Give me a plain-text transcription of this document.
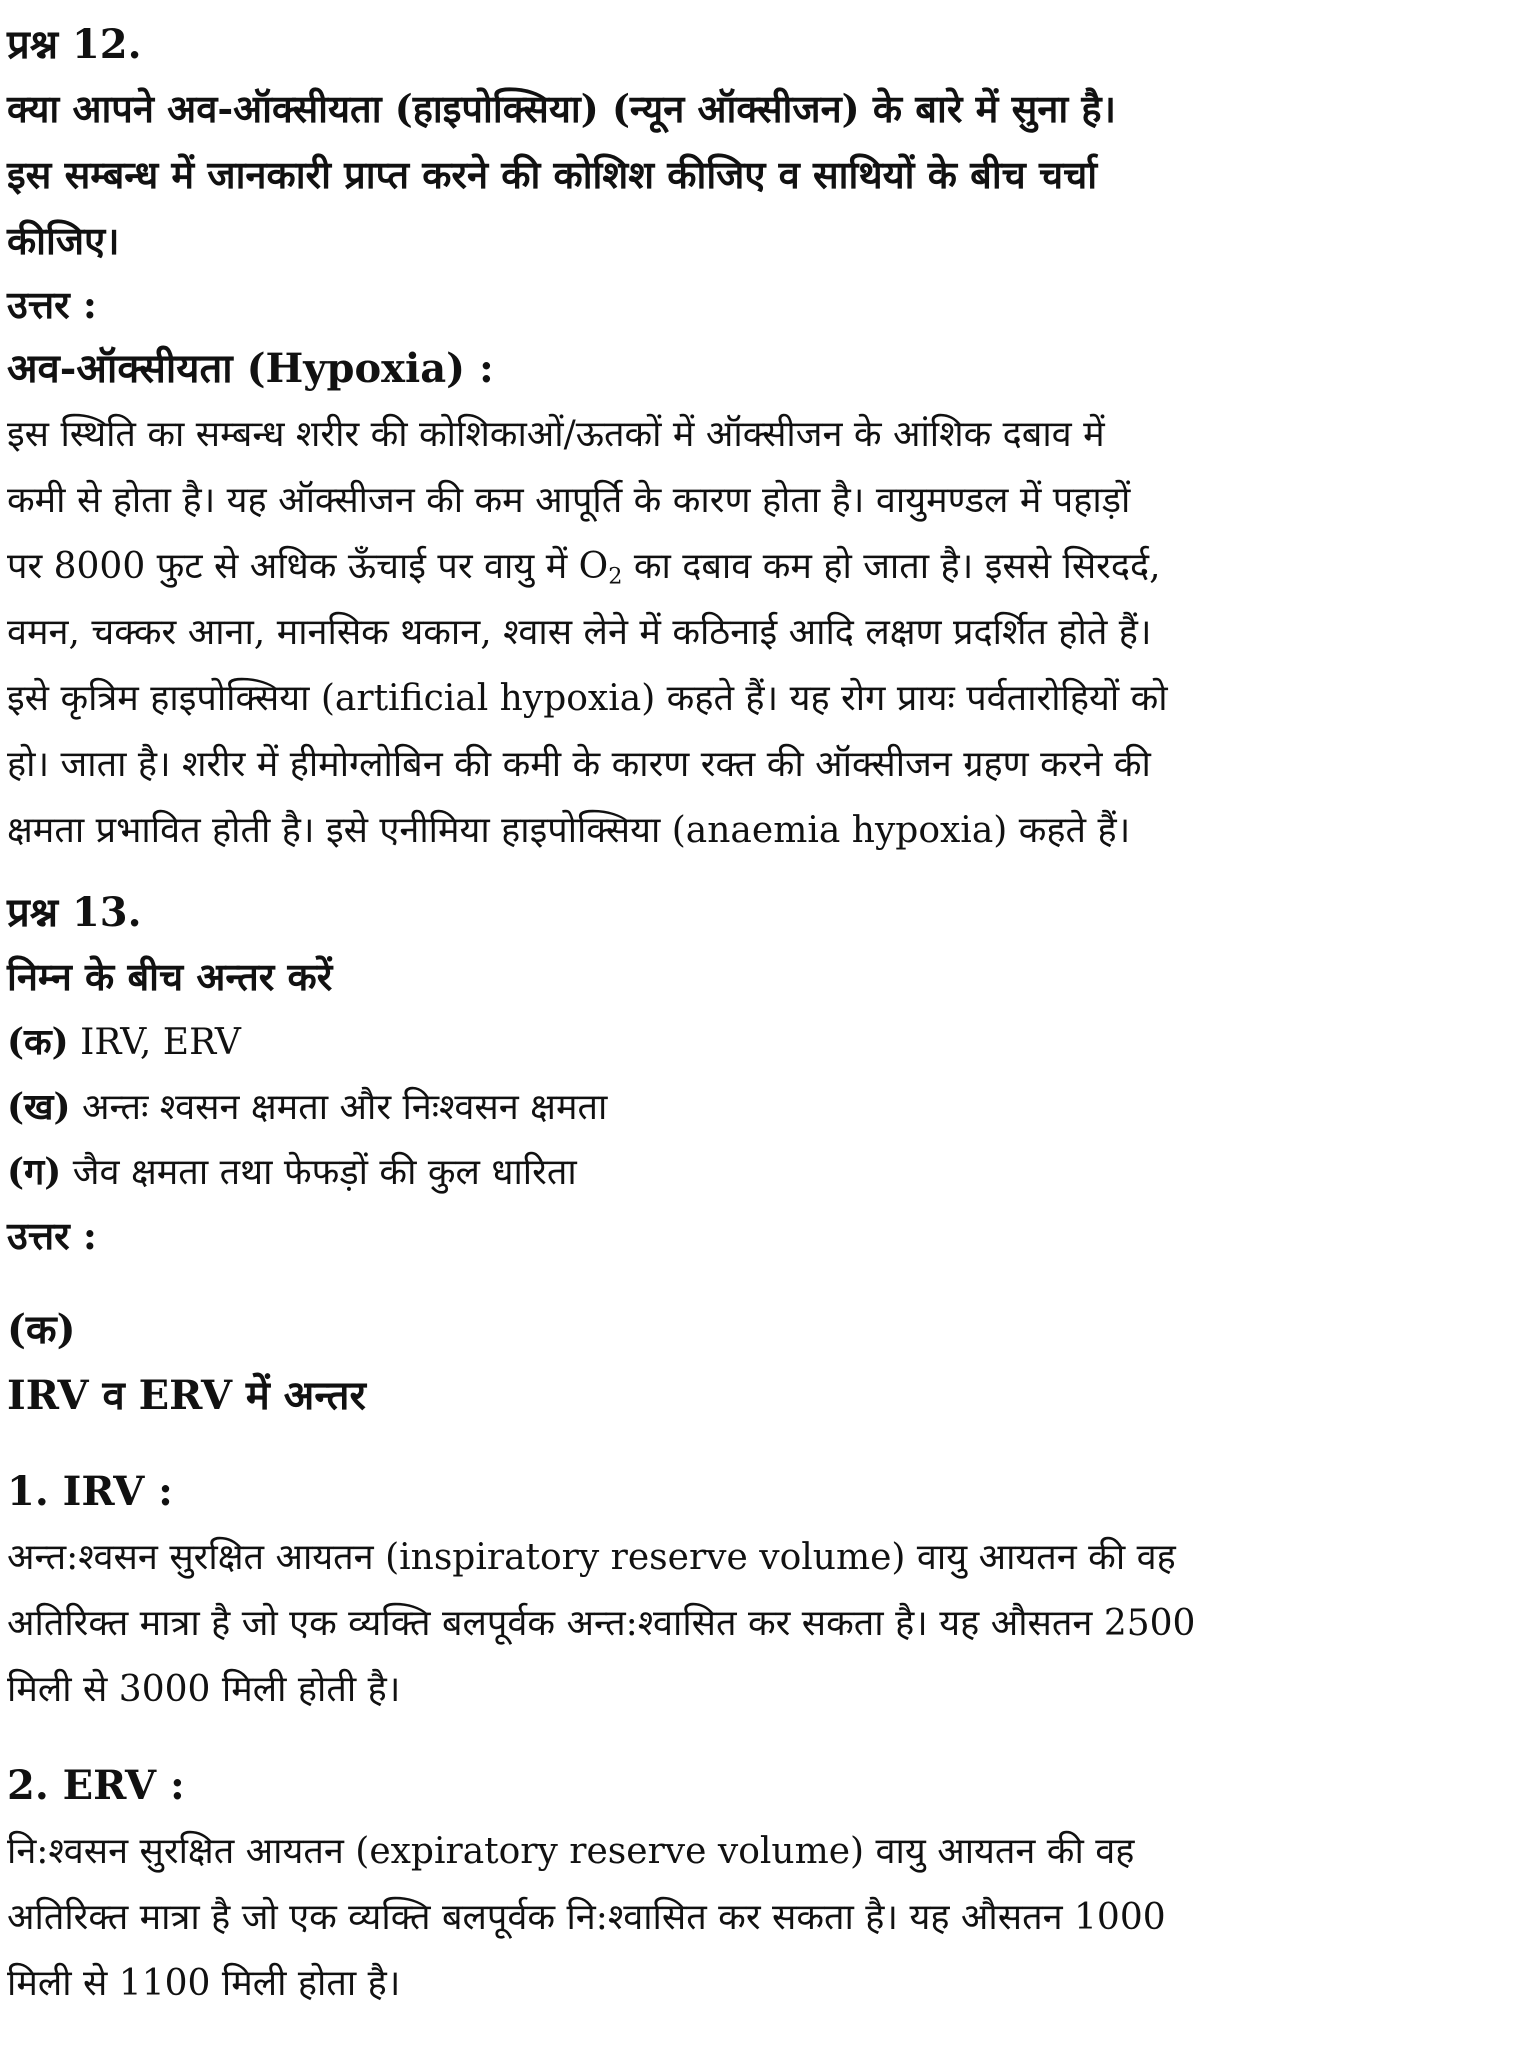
प्रश्न 12.
क्या आपने अव-ऑक्सीयता (हाइपोक्सिया) (न्यून ऑक्सीजन) के बारे में सुना है।
इस सम्बन्ध में जानकारी प्राप्त करने की कोशिश कीजिए व साथियों के बीच चर्चा
कीजिए।
उत्तर :
अव-ऑक्सीयता (Hypoxia) :
इस स्थिति का सम्बन्ध शरीर की कोशिकाओं/ऊतकों में ऑक्सीजन के आंशिक दबाव में
कमी से होता है। यह ऑक्सीजन की कम आपूर्ति के कारण होता है। वायुमण्डल में पहाड़ों
पर 8000 फुट से अधिक ऊँचाई पर वायु में $O_2$ का दबाव कम हो जाता है। इससे सिरदर्द,
वमन, चक्कर आना, मानसिक थकान, श्वास लेने में कठिनाई आदि लक्षण प्रदर्शित होते हैं।
इसे कृत्रिम हाइपोक्सिया (artificial hypoxia) कहते हैं। यह रोग प्रायः पर्वतारोहियों को
हो। जाता है। शरीर में हीमोग्लोबिन की कमी के कारण रक्त की ऑक्सीजन ग्रहण करने की
क्षमता प्रभावित होती है। इसे एनीमिया हाइपोक्सिया (anaemia hypoxia) कहते हैं।
प्रश्न 13.
निम्न के बीच अन्तर करें
(क) IRV, ERV
(ख) अन्तः श्वसन क्षमता और निःश्वसन क्षमता
(ग) जैव क्षमता तथा फेफड़ों की कुल धारिता
उत्तर :
(क)
IRV व ERV में अन्तर
1. IRV :
अन्त:श्वसन सुरक्षित आयतन (inspiratory reserve volume) वायु आयतन की वह
अतिरिक्त मात्रा है जो एक व्यक्ति बलपूर्वक अन्त:श्वासित कर सकता है। यह औसतन 2500
मिली से 3000 मिली होती है।
2. ERV :
नि:श्वसन सुरक्षित आयतन (expiratory reserve volume) वायु आयतन की वह
अतिरिक्त मात्रा है जो एक व्यक्ति बलपूर्वक नि:श्वासित कर सकता है। यह औसतन 1000
मिली से 1100 मिली होता है।
